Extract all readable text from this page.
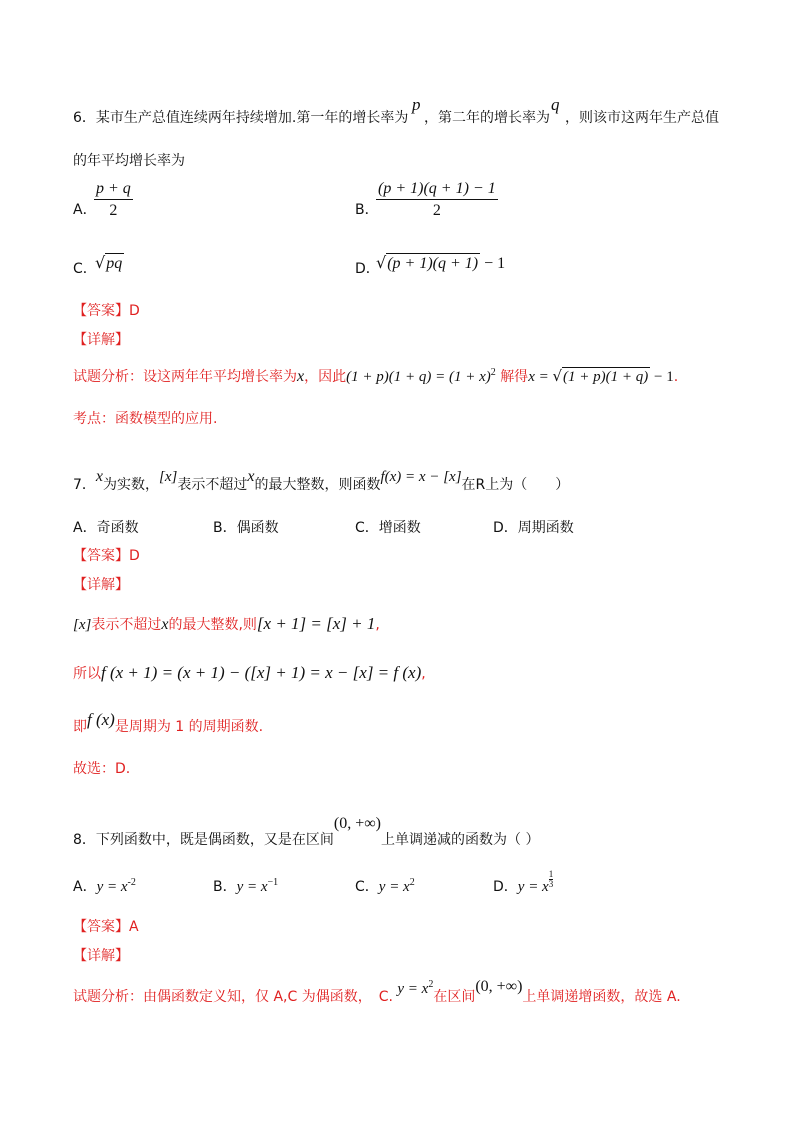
6．某市生产总值连续两年持续增加.第一年的增长率为
p
，第二年的增长率为
q
，则该市这两年生产总值
的年平均增长率为
A．
$\frac{p + q}{2}$	B．
$\frac{(p + 1)(q + 1) - 1}{2}$
C．
√pq	D．
√(p + 1)(q + 1) − 1
【答案】D
【详解】
试题分析：设这两年年平均增长率为x，因此$(1 + p)(1 + q) = (1 + x)^2$ 解得x = √(1 + p)(1 + q) − 1.
考点：函数模型的应用.
7．x为实数，[x]表示不超过x的最大整数，则函数f(x) = x − [x]在R上为（　　）
A．奇函数	B．偶函数	C．增函数	D．周期函数
【答案】D
【详解】
[x]表示不超过x的最大整数,则[x + 1] = [x] + 1,
所以f (x + 1) = (x + 1) − ([x] + 1) = x − [x] = f (x),
即f (x)是周期为 1 的周期函数.
故选：D.
8．下列函数中，既是偶函数，又是在区间(0, +∞)上单调递减的函数为（ ）
A．$y = x^{-2}$	B．$y = x^{-1}$	C．$y = x^2$	D．y = x $\frac{1}{3}$
【答案】A
【详解】
试题分析：由偶函数定义知，仅 A,C 为偶函数，　C. $y = x^2$在区间(0, +∞)上单调递增函数，故选 A.
